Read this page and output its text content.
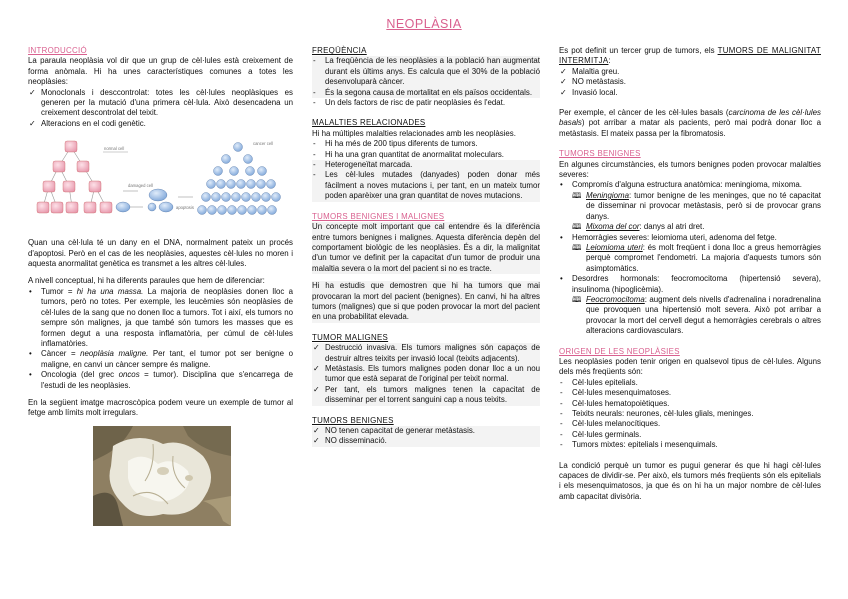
NEOPLÀSIA

INTRODUCCIÓ

La paraula neoplàsia vol dir que un grup de cèl·lules està creixement de forma anòmala. Hi ha unes característiques comunes a totes les neoplàsies:

✓ Monoclonals i desccontrolat: totes les cèl·lules neoplàsiques es generen per la mutació d'una primera cèl·lula. Això desencadena un creixement descontrolat del teixit.
✓ Alteracions en el codi genètic.
normal cell
cancer cell
damaged cell
apoptosis

Quan una cèl·lula té un dany en el DNA, normalment pateix un procés d'apoptosi. Però en el cas de les neoplàsies, aquestes cèl·lules no moren i aquesta anormalitat genètica es transmet a les altres cèl·lules.

A nivell conceptual, hi ha diferents paraules que hem de diferenciar:

• Tumor = hi ha una massa. La majoria de neoplàsies donen lloc a tumors, però no totes. Per exemple, les leucèmies són neoplàsies de cèl·lules de la sang que no donen lloc a tumors. Tot i així, els tumors no sempre són malignes, ja que també són tumors les masses que es formen degut a una resposta inflamatòria, per cúmul de cèl·lules inflamatòries.
• Càncer = neoplàsia maligne. Per tant, el tumor pot ser benigne o maligne, en canvi un càncer sempre és maligne.
• Oncologia (del grec oncos = tumor). Disciplina que s'encarrega de l'estudi de les neoplàsies.

En la següent imatge macroscòpica podem veure un exemple de tumor al fetge amb límits molt irregulars.

FREQÜÈNCIA

- La freqüència de les neoplàsies a la població han augmentat durant els últims anys. Es calcula que el 30% de la població desenvoluparà càncer.
- És la segona causa de mortalitat en els països occidentals.
- Un dels factors de risc de patir neoplàsies és l'edat.

MALALTIES RELACIONADES

Hi ha múltiples malalties relacionades amb les neoplàsies.

- Hi ha més de 200 tipus diferents de tumors.
- Hi ha una gran quantitat de anormalitat moleculars.
- Heterogeneïtat marcada.
- Les cèl·lules mutades (danyades) poden donar més fàcilment a noves mutacions i, per tant, en un mateix tumor poden aparèixer una gran quantitat de noves mutacions.

TUMORS BENIGNES I MALIGNES

Un concepte molt important que cal entendre és la diferència entre tumors benignes i malignes. Aquesta diferència depèn del comportament biològic de les neoplàsies. És a dir, la malignitat d'un tumor ve definit per la capacitat d'un tumor de produir una malaltia severa o la mort del pacient si no es tracte.

Hi ha estudis que demostren que hi ha tumors que mai provocaran la mort del pacient (benignes). En canvi, hi ha altres tumors (malignes) que si que poden provocar la mort del pacient en una probabilitat elevada.

TUMOR MALIGNES

✓ Destrucció invasiva. Els tumors malignes són capaços de destruir altres teixits per invasió local (teixits adjacents).
✓ Metàstasis. Els tumors malignes poden donar lloc a un nou tumor que està separat de l'original per teixit normal.
✓ Per tant, els tumors malignes tenen la capacitat de disseminar per el torrent sanguini cap a nous teixits.

TUMORS BENIGNES

✓ NO tenen capacitat de generar metàstasis.
✓ NO disseminació.

Es pot definit un tercer grup de tumors, els TUMORS DE MALIGNITAT INTERMITJA:

✓ Malaltia greu.
✓ NO metàstasis.
✓ Invasió local.

Per exemple, el càncer de les cèl·lules basals (carcinoma de les cèl·lules basals) pot arribar a matar als pacients, però mai podrà donar lloc a metàstasis. El mateix passa per la fibromatosis.

TUMORS BENIGNES

En algunes circumstàncies, els tumors benignes poden provocar malalties severes:

• Compromís d'alguna estructura anatòmica: meningioma, mixoma.
🕮 Meningioma: tumor benigne de les meninges, que no té capacitat de disseminar ni provocar metàstasis, però si de provocar grans danys.
🕮 Mixoma del cor: danys al atri dret.
• Hemorràgies severes: leiomioma uteri, adenoma del fetge.
🕮 Leiomioma uteri: és molt freqüent i dona lloc a greus hemorràgies perquè compromet l'endometri. La majoria d'aquests tumors són asimptomàtics.
• Desordres hormonals: feocromocitoma (hipertensió severa), insulinoma (hipoglicèmia).
🕮 Feocromocitoma: augment dels nivells d'adrenalina i noradrenalina que provoquen una hipertensió molt severa. Això pot arribar a provocar la mort del cervell degut a hemorràgies cerebrals o altres alteracions cardiovasculars.

ORIGEN DE LES NEOPLÀSIES

Les neoplàsies poden tenir origen en qualsevol tipus de cèl·lules. Alguns dels més freqüents són:

- Cèl·lules epitelials.
- Cèl·lules mesenquimatoses.
- Cèl·lules hematopoiètiques.
- Teixits neurals: neurones, cèl·lules glials, meninges.
- Cèl·lules melanocítiques.
- Cèl·lules germinals.
- Tumors mixtes: epitelials i mesenquimals.

La condició perquè un tumor es pugui generar és que hi hagi cèl·lules capaces de dividir-se. Per això, els tumors més freqüents són els epitelials i els mesenquimatosos, ja que és on hi ha un major nombre de cèl·lules amb capacitat divisòria.
